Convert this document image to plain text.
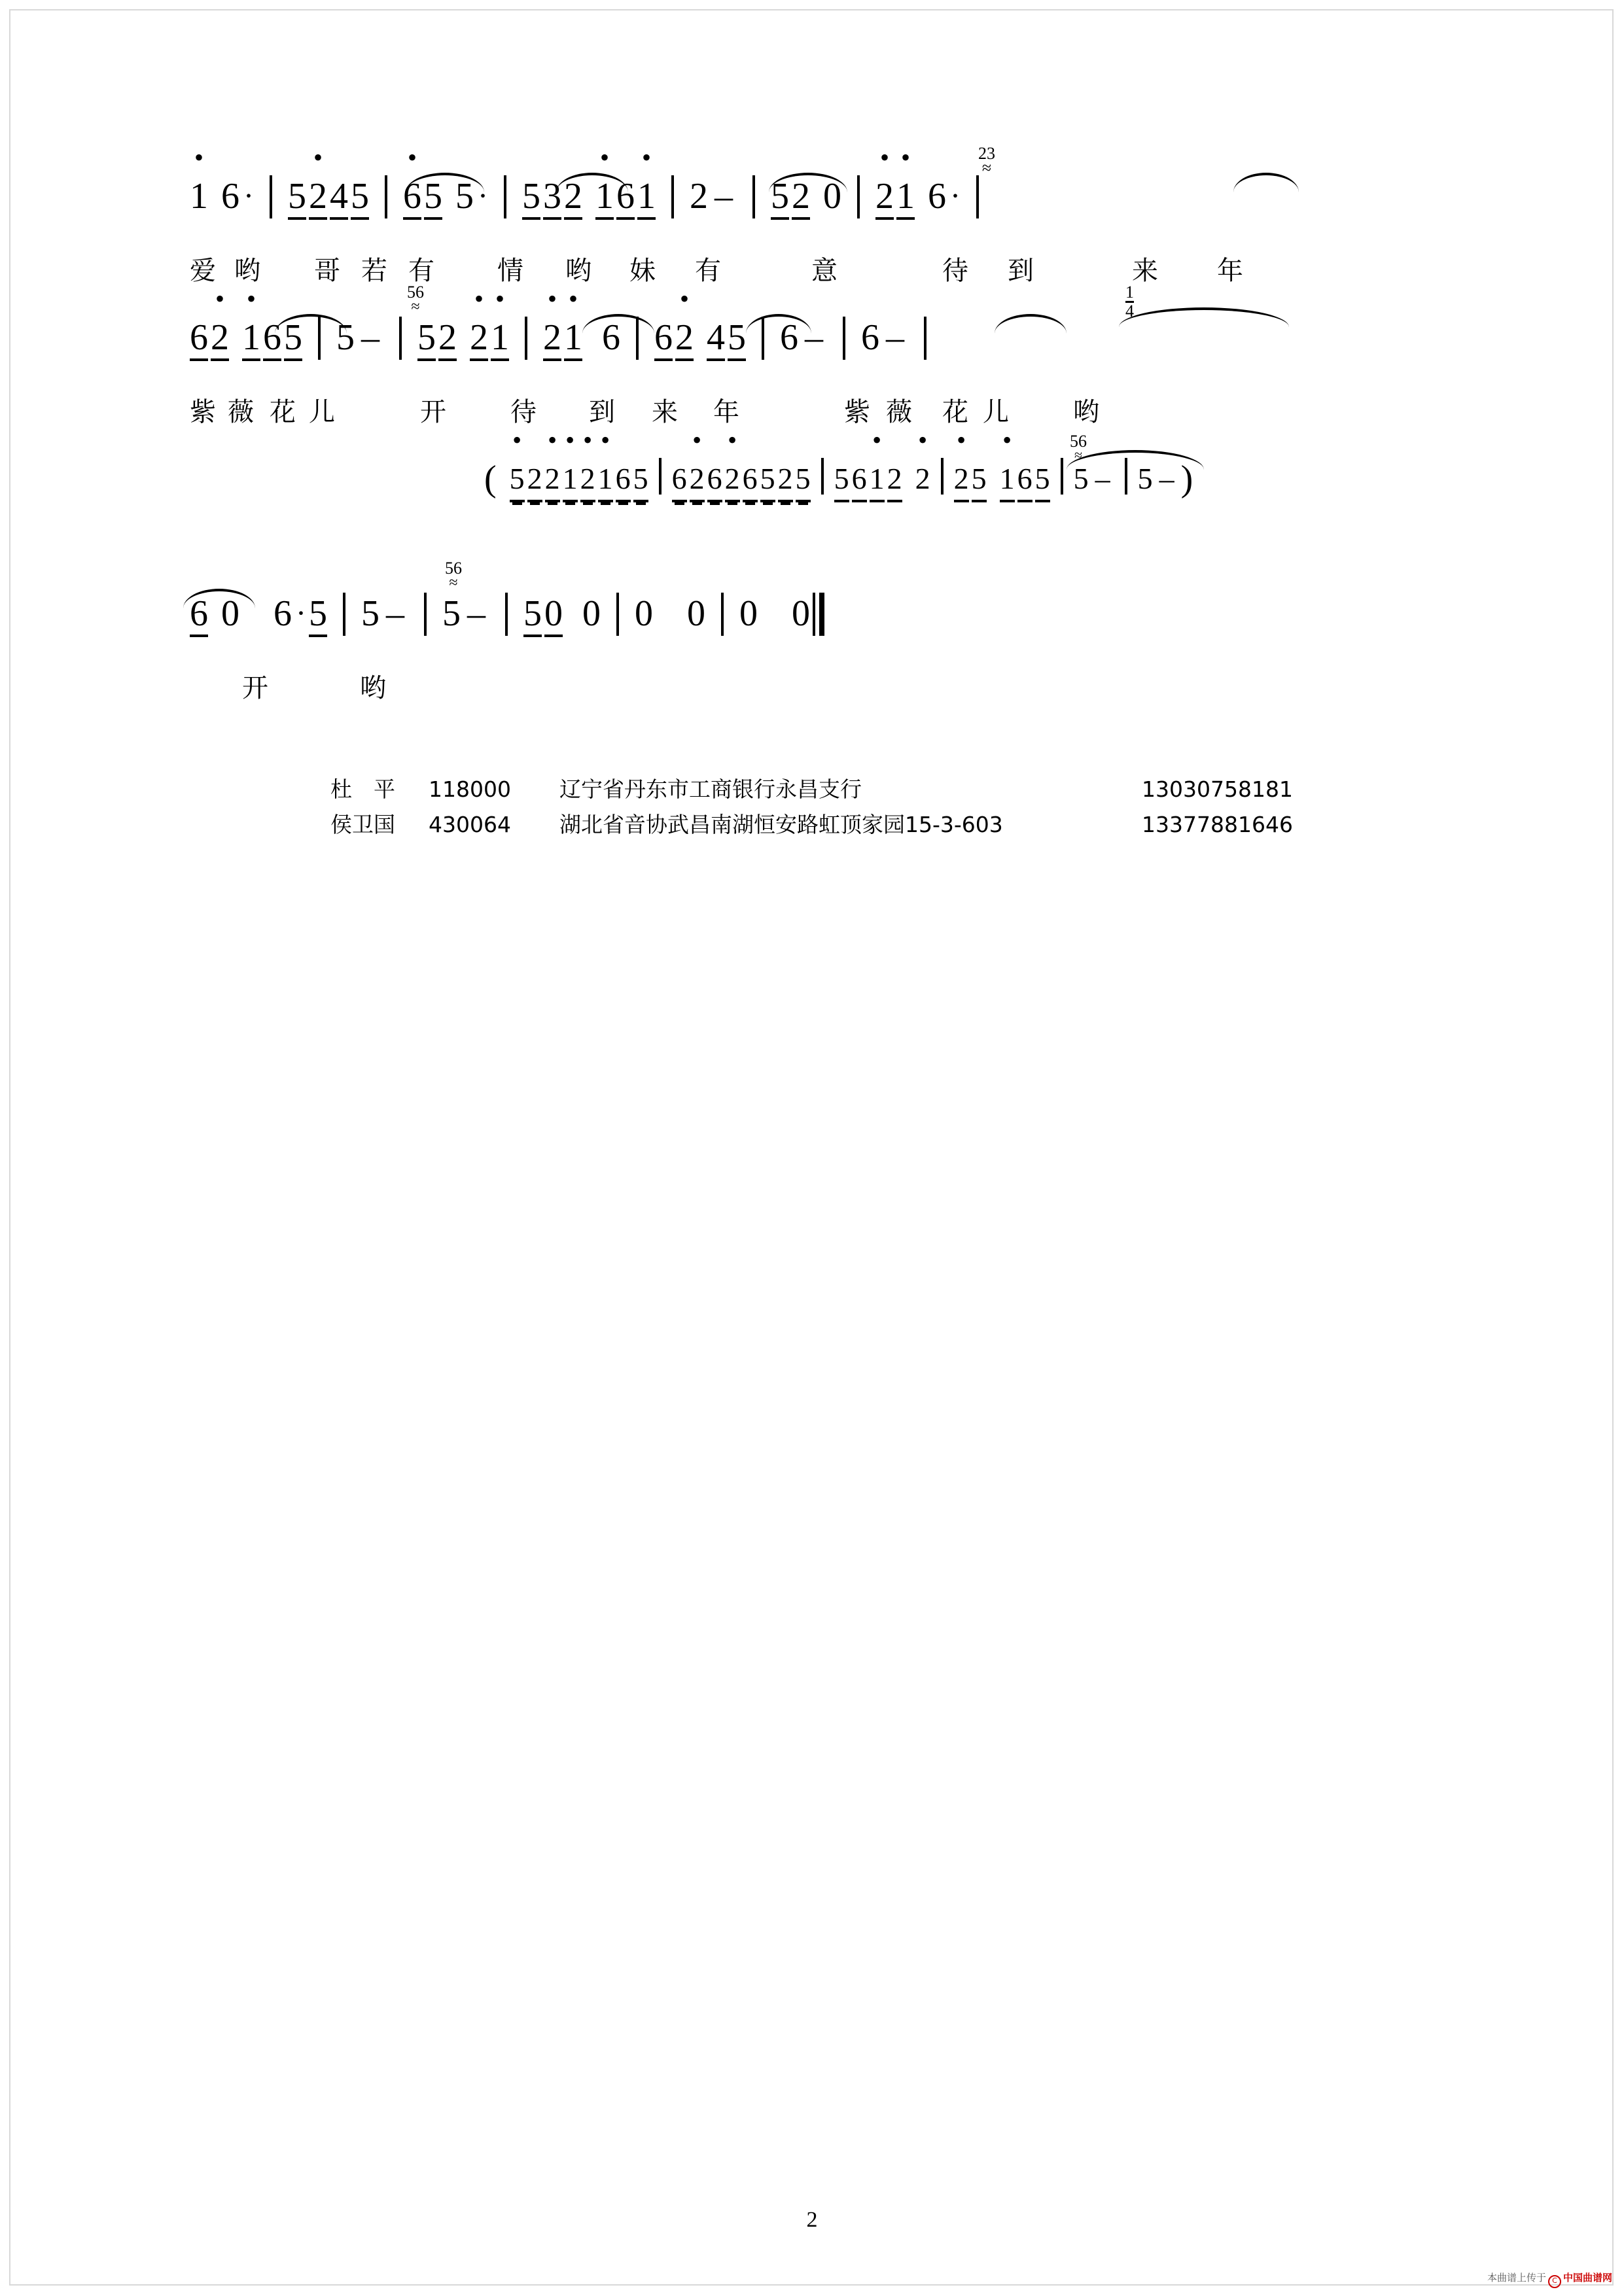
• 1
6 · 5
• 2
4
5

• 6
5
5 ·
5
3
2
• 1
6
• 1

2 –
23
≈

5
2
0
• 2
• 1
6 ·
爱 哟 哥 若 有 情 哟 妹 有	意	待 到	来 年
6
• 2
• 1
6
5

56
≈
5 – 5
2
• 2
• 1

• 2
• 1
6

6
• 2
4
5

$\frac{1}{4}$
6 –
6 –
紫 薇 花 儿	开 待 到 来 年	紫 薇 花 儿 哟
( • 5
2
• 2
• 1
• 2
• 1
6
5
6
• 2
6
• 2
6
5
2
5
5
6
• 1
2
• 2
• 2
5
• 1
6
5

56
≈
5 –
5 – )
6
0

6 · 5

56
≈
5 – 5 – 5
0
0
0
0
0
0

开	哟
杜　平 118000 辽宁省丹东市工商银行永昌支行	13030758181
侯卫国 430064 湖北省音协武昌南湖恒安路虹顶家园15-3-603	13377881646
2
本曲谱上传于 C 中国曲谱网
